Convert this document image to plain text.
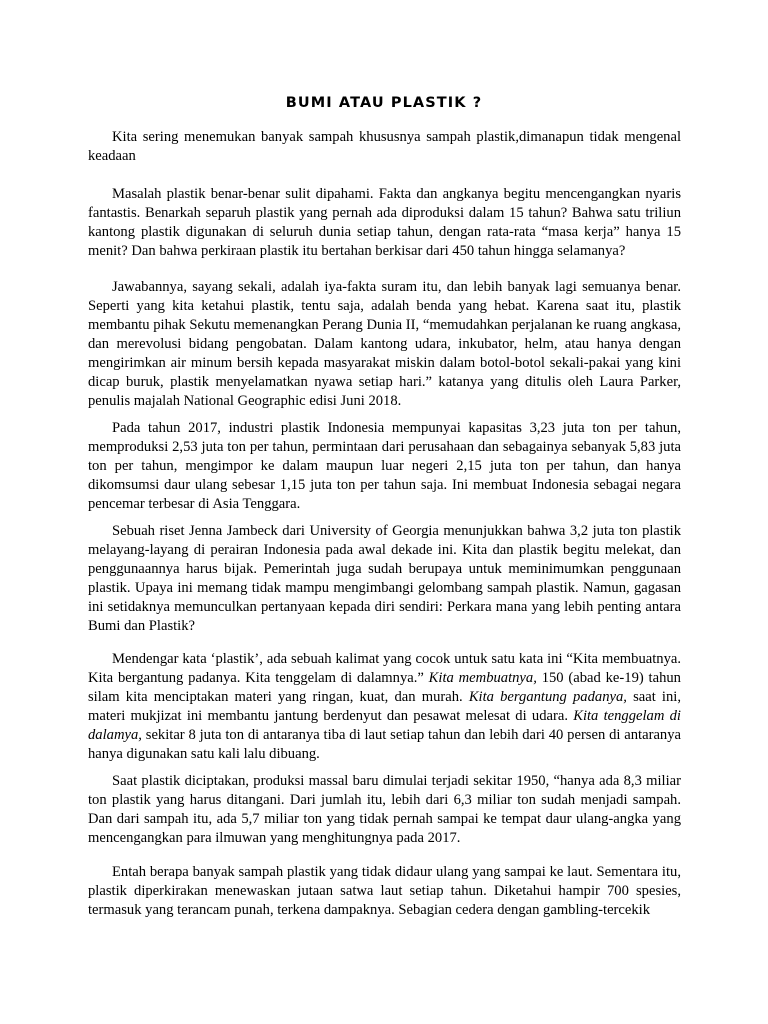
BUMI ATAU PLASTIK ?

Kita sering menemukan banyak sampah khususnya sampah plastik,dimanapun tidak mengenal keadaan

Masalah plastik benar-benar sulit dipahami. Fakta dan angkanya begitu mencengangkan nyaris fantastis. Benarkah separuh plastik yang pernah ada diproduksi dalam 15 tahun? Bahwa satu triliun kantong plastik digunakan di seluruh dunia setiap tahun, dengan rata-rata “masa kerja” hanya 15 menit? Dan bahwa perkiraan plastik itu bertahan berkisar dari 450 tahun hingga selamanya?

Jawabannya, sayang sekali, adalah iya-fakta suram itu, dan lebih banyak lagi semuanya benar. Seperti yang kita ketahui plastik, tentu saja, adalah benda yang hebat. Karena saat itu, plastik membantu pihak Sekutu memenangkan Perang Dunia II, “memudahkan perjalanan ke ruang angkasa, dan merevolusi bidang pengobatan. Dalam kantong udara, inkubator, helm, atau hanya dengan mengirimkan air minum bersih kepada masyarakat miskin dalam botol-botol sekali-pakai yang kini dicap buruk, plastik menyelamatkan nyawa setiap hari.” katanya yang ditulis oleh Laura Parker, penulis majalah National Geographic edisi Juni 2018.

Pada tahun 2017, industri plastik Indonesia mempunyai kapasitas 3,23 juta ton per tahun, memproduksi 2,53 juta ton per tahun, permintaan dari perusahaan dan sebagainya sebanyak 5,83 juta ton per tahun, mengimpor ke dalam maupun luar negeri 2,15 juta ton per tahun, dan hanya dikomsumsi daur ulang sebesar 1,15 juta ton per tahun saja. Ini membuat Indonesia sebagai negara pencemar terbesar di Asia Tenggara.

Sebuah riset Jenna Jambeck dari University of Georgia menunjukkan bahwa 3,2 juta ton plastik melayang-layang di perairan Indonesia pada awal dekade ini. Kita dan plastik begitu melekat, dan penggunaannya harus bijak. Pemerintah juga sudah berupaya untuk meminimumkan penggunaan plastik. Upaya ini memang tidak mampu mengimbangi gelombang sampah plastik. Namun, gagasan ini setidaknya memunculkan pertanyaan kepada diri sendiri: Perkara mana yang lebih penting antara Bumi dan Plastik?

Mendengar kata ‘plastik’, ada sebuah kalimat yang cocok untuk satu kata ini “Kita membuatnya. Kita bergantung padanya. Kita tenggelam di dalamnya.” Kita membuatnya, 150 (abad ke-19) tahun silam kita menciptakan materi yang ringan, kuat, dan murah. Kita bergantung padanya, saat ini, materi mukjizat ini membantu jantung berdenyut dan pesawat melesat di udara. Kita tenggelam di dalamya, sekitar 8 juta ton di antaranya tiba di laut setiap tahun dan lebih dari 40 persen di antaranya hanya digunakan satu kali lalu dibuang.

Saat plastik diciptakan, produksi massal baru dimulai terjadi sekitar 1950, “hanya ada 8,3 miliar ton plastik yang harus ditangani. Dari jumlah itu, lebih dari 6,3 miliar ton sudah menjadi sampah. Dan dari sampah itu, ada 5,7 miliar ton yang tidak pernah sampai ke tempat daur ulang-angka yang mencengangkan para ilmuwan yang menghitungnya pada 2017.

Entah berapa banyak sampah plastik yang tidak didaur ulang yang sampai ke laut. Sementara itu, plastik diperkirakan menewaskan jutaan satwa laut setiap tahun. Diketahui hampir 700 spesies, termasuk yang terancam punah, terkena dampaknya. Sebagian cedera dengan gambling-tercekik
